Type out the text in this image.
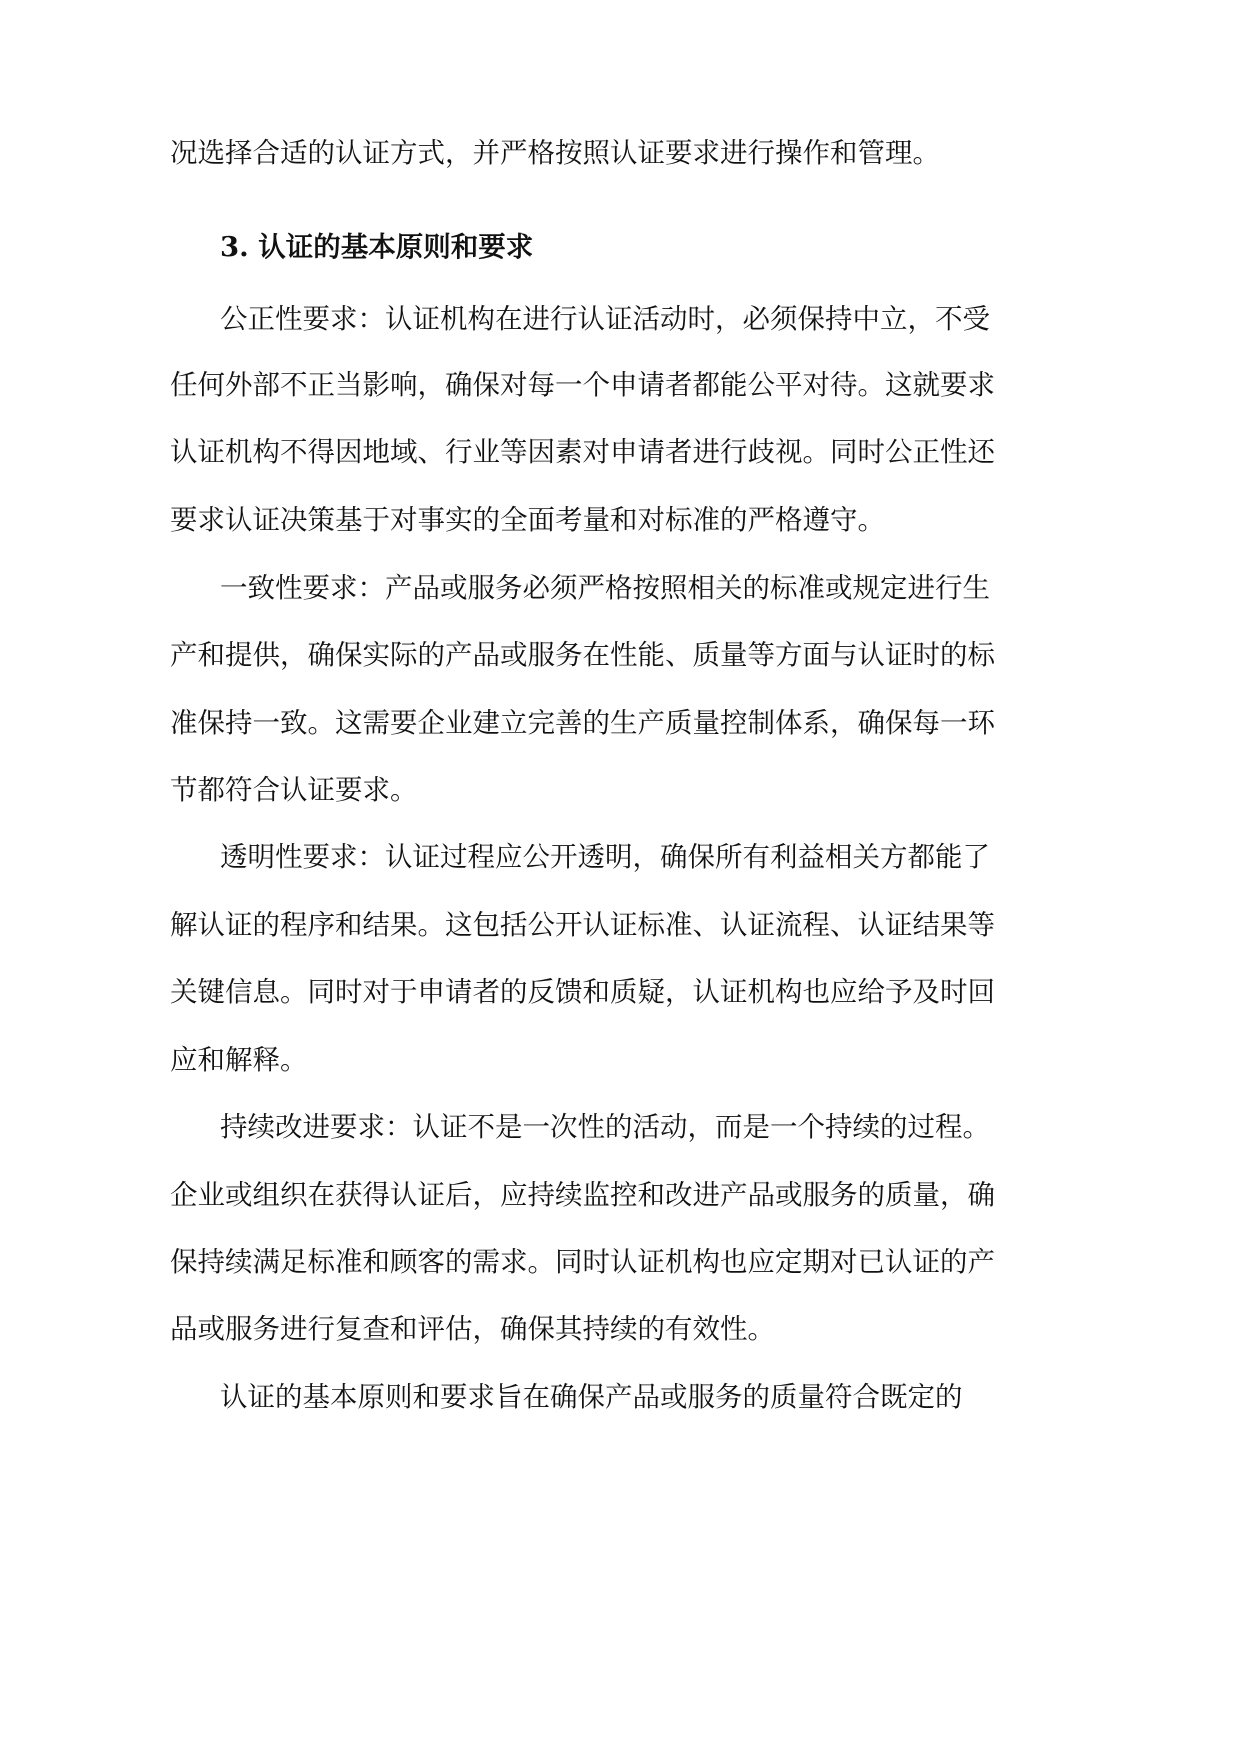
况选择合适的认证方式，并严格按照认证要求进行操作和管理。
3. 认证的基本原则和要求
公正性要求：认证机构在进行认证活动时，必须保持中立，不受
任何外部不正当影响，确保对每一个申请者都能公平对待。这就要求
认证机构不得因地域、行业等因素对申请者进行歧视。同时公正性还
要求认证决策基于对事实的全面考量和对标准的严格遵守。
一致性要求：产品或服务必须严格按照相关的标准或规定进行生
产和提供，确保实际的产品或服务在性能、质量等方面与认证时的标
准保持一致。这需要企业建立完善的生产质量控制体系，确保每一环
节都符合认证要求。
透明性要求：认证过程应公开透明，确保所有利益相关方都能了
解认证的程序和结果。这包括公开认证标准、认证流程、认证结果等
关键信息。同时对于申请者的反馈和质疑，认证机构也应给予及时回
应和解释。
持续改进要求：认证不是一次性的活动，而是一个持续的过程。
企业或组织在获得认证后，应持续监控和改进产品或服务的质量，确
保持续满足标准和顾客的需求。同时认证机构也应定期对已认证的产
品或服务进行复查和评估，确保其持续的有效性。
认证的基本原则和要求旨在确保产品或服务的质量符合既定的
